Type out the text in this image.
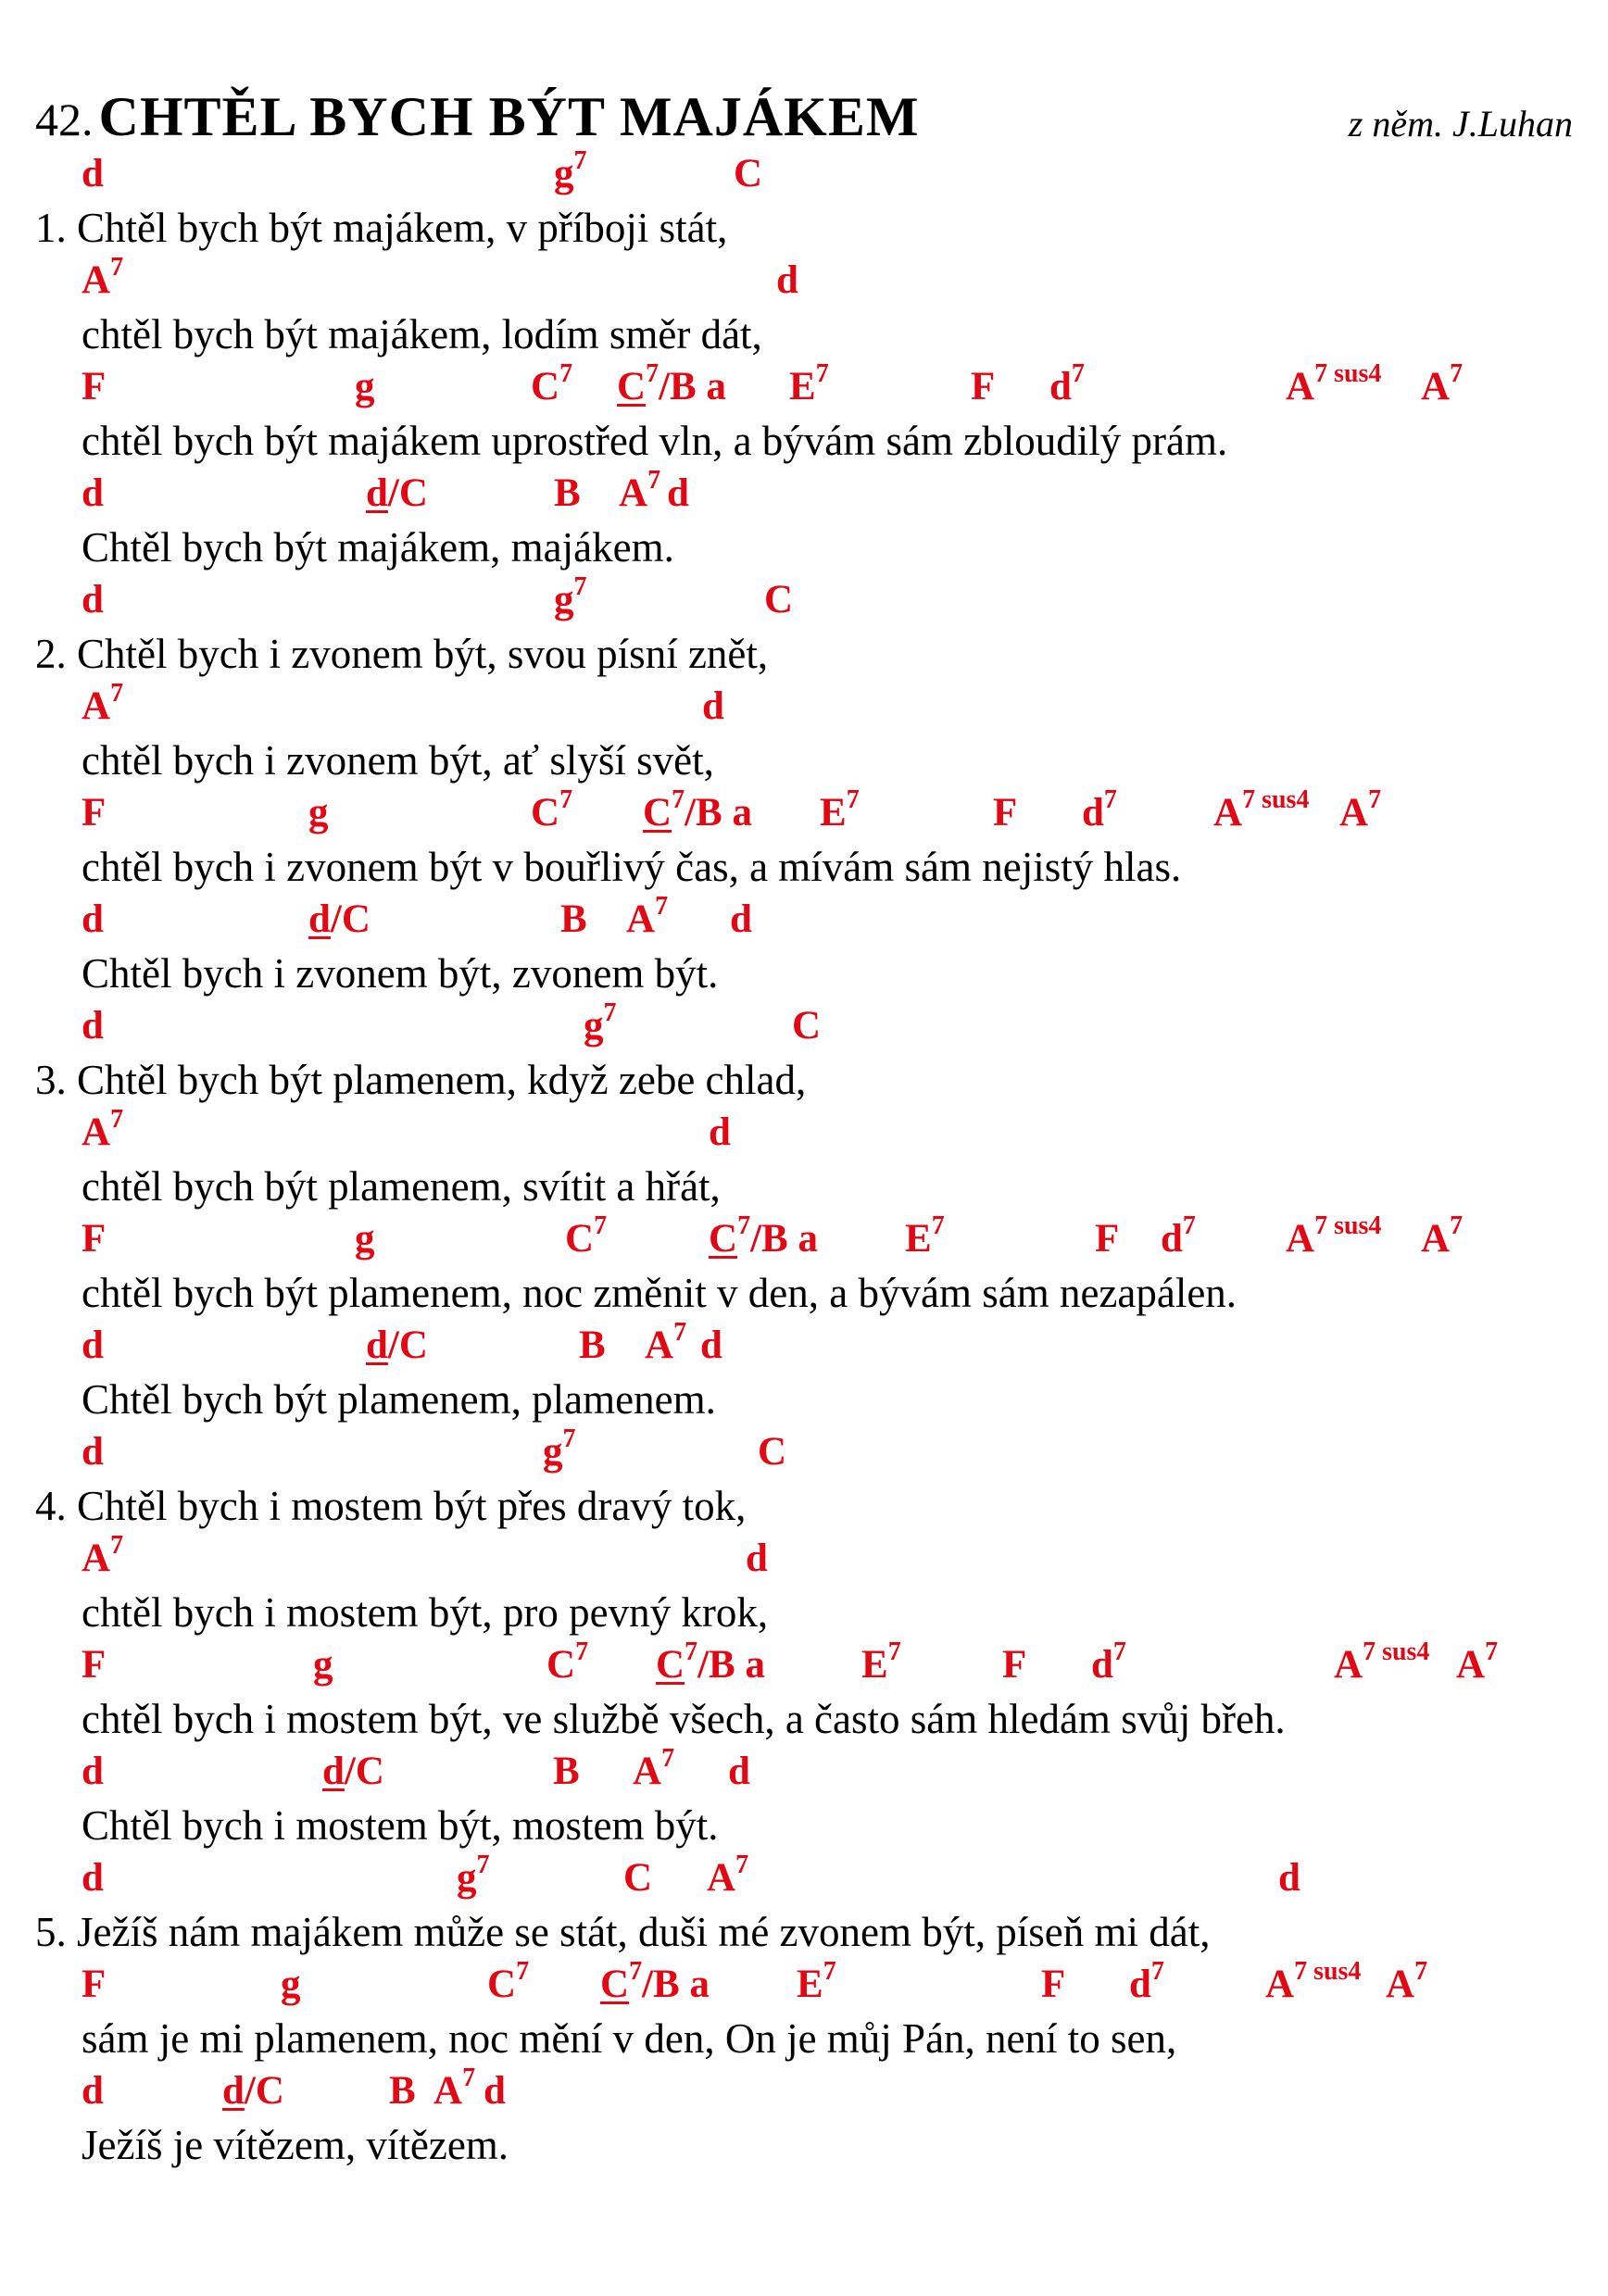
42. CHTĚL BYCH BÝT MAJÁKEM	z něm. J.Luhan
d	$g^7$	C
1. Chtěl bych být majákem, v příboji stát,
$A^7$	d
chtěl bych být majákem, lodím směr dát,
F	g	$C^7$ $C^7/B$ a $E^7$	F $d^7$	$A^{7 sus4}$ $A^7$
chtěl bych být majákem uprostřed vln, a bývám sám zbloudilý prám.
d	d/C	B $A^7$ d
Chtěl bych být majákem, majákem.
d	$g^7$	C
2. Chtěl bych i zvonem být, svou písní znět,
$A^7$	d
chtěl bych i zvonem být, ať slyší svět,
F	g	$C^7$ $C^7/B$ a $E^7$	F $d^7$ $A^{7 sus4}$ $A^7$
chtěl bych i zvonem být v bouřlivý čas, a mívám sám nejistý hlas.
d	d/C	B $A^7$ d
Chtěl bych i zvonem být, zvonem být.
d	$g^7$	C
3. Chtěl bych být plamenem, když zebe chlad,
$A^7$	d
chtěl bych být plamenem, svítit a hřát,
F	g	$C^7$	$C^7/B$ a $E^7$	F $d^7$ $A^{7 sus4}$ $A^7$
chtěl bych být plamenem, noc změnit v den, a bývám sám nezapálen.
d	d/C	B $A^7$ d
Chtěl bych být plamenem, plamenem.
d	$g^7$	C
4. Chtěl bych i mostem být přes dravý tok,
$A^7$	d
chtěl bych i mostem být, pro pevný krok,
F	g	$C^7$ $C^7/B$ a $E^7$	F $d^7$	$A^{7 sus4}$ $A^7$
chtěl bych i mostem být, ve službě všech, a často sám hledám svůj břeh.
d	d/C	B $A^7$ d
Chtěl bych i mostem být, mostem být.
d	$g^7$	C $A^7$	d
5. Ježíš nám majákem může se stát, duši mé zvonem být, píseň mi dát,
F	g	$C^7$ $C^7/B$ a $E^7$	F $d^7$	$A^{7 sus4}$ $A^7$
sám je mi plamenem, noc mění v den, On je můj Pán, není to sen,
d	d/C	B $A^7$ d
Ježíš je vítězem, vítězem.
